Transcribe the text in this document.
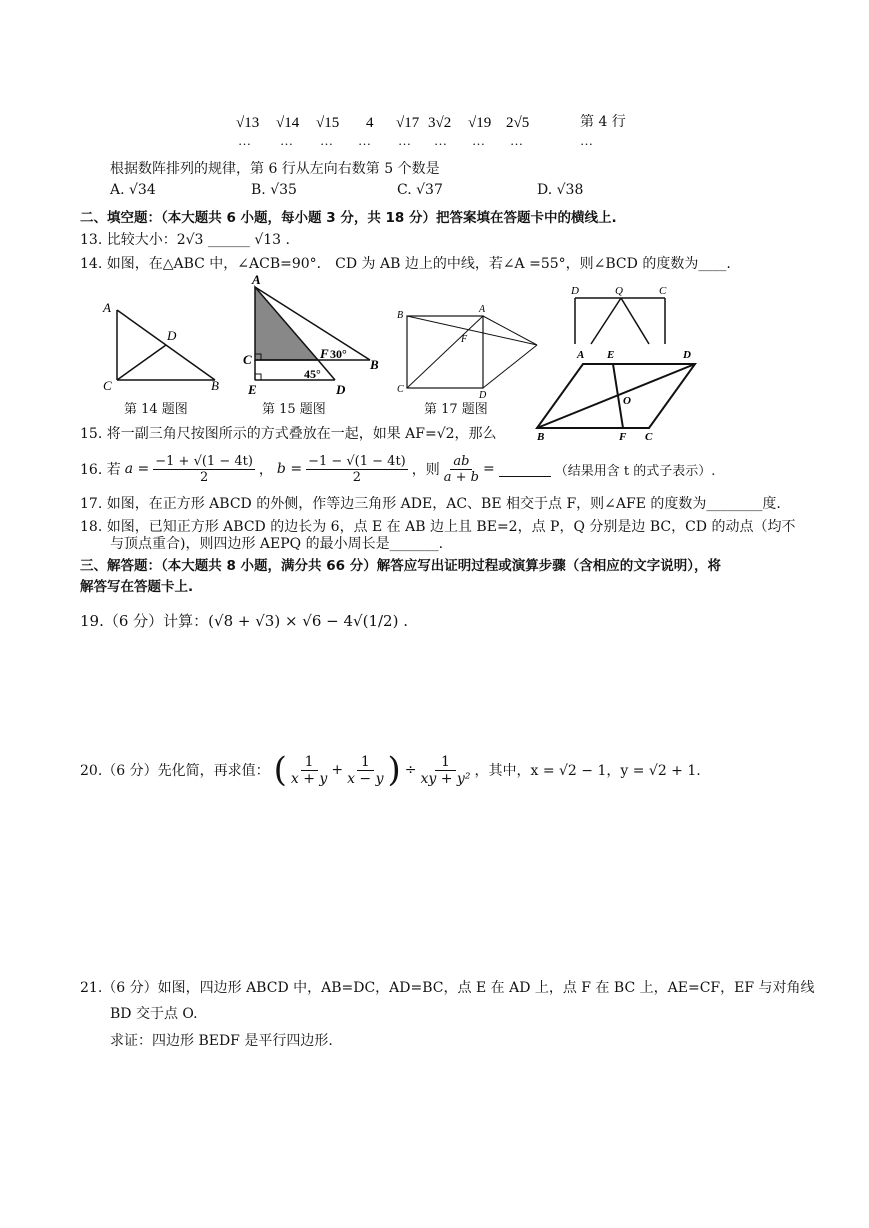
√13 √14 √15 4 √17 3√2 √19 2√5	第 4 行
… … … … … … … …	…
根据数阵排列的规律，第 6 行从左向右数第 5 个数是
A. √34	B. √35	C. √37	D. √38
二、填空题：（本大题共 6 小题，每小题 3 分，共 18 分）把答案填在答题卡中的横线上.
13. 比较大小：2√3 ______ √13 .
14. 如图，在△ABC 中，∠ACB=90°． CD 为 AB 边上的中线，若∠A =55°，则∠BCD 的度数为____.
A
D
C	B
第 14 题图
A
C	F 30°
B
E
45°
D
第 15 题图
B
A
F
C
D
第 17 题图
D	Q	C
A E	D
O
B	F C
15. 将一副三角尺按图所示的方式叠放在一起，如果 AF=√2，那么
16. 若 $a = \frac{-1 + √(1 - 4t)}{2}$ ， $b = \frac{-1 - √(1 - 4t)}{2}$ ，则 $\frac{ab}{a + b}$ =	（结果用含 t 的式子表示）.
17. 如图，在正方形 ABCD 的外侧，作等边三角形 ADE，AC、BE 相交于点 F，则∠AFE 的度数为________度.
18. 如图，已知正方形 ABCD 的边长为 6，点 E 在 AB 边上且 BE=2，点 P，Q 分别是边 BC，CD 的动点（均不
与顶点重合)，则四边形 AEPQ 的最小周长是_______.
三、解答题：（本大题共 8 小题，满分共 66 分）解答应写出证明过程或演算步骤（含相应的文字说明），将
解答写在答题卡上.
19.（6 分）计算：(√8 + √3) × √6 − 4√(1/2) .
20.（6 分）先化简，再求值： ( $\frac{1}{x + y} + \frac{1}{x - y}$ ) ÷ $\frac{1}{\text{xy + y²}}$ ，其中，x = √2 − 1，y = √2 + 1.
21.（6 分）如图，四边形 ABCD 中，AB=DC，AD=BC，点 E 在 AD 上，点 F 在 BC 上，AE=CF，EF 与对角线
BD 交于点 O.
求证：四边形 BEDF 是平行四边形.
